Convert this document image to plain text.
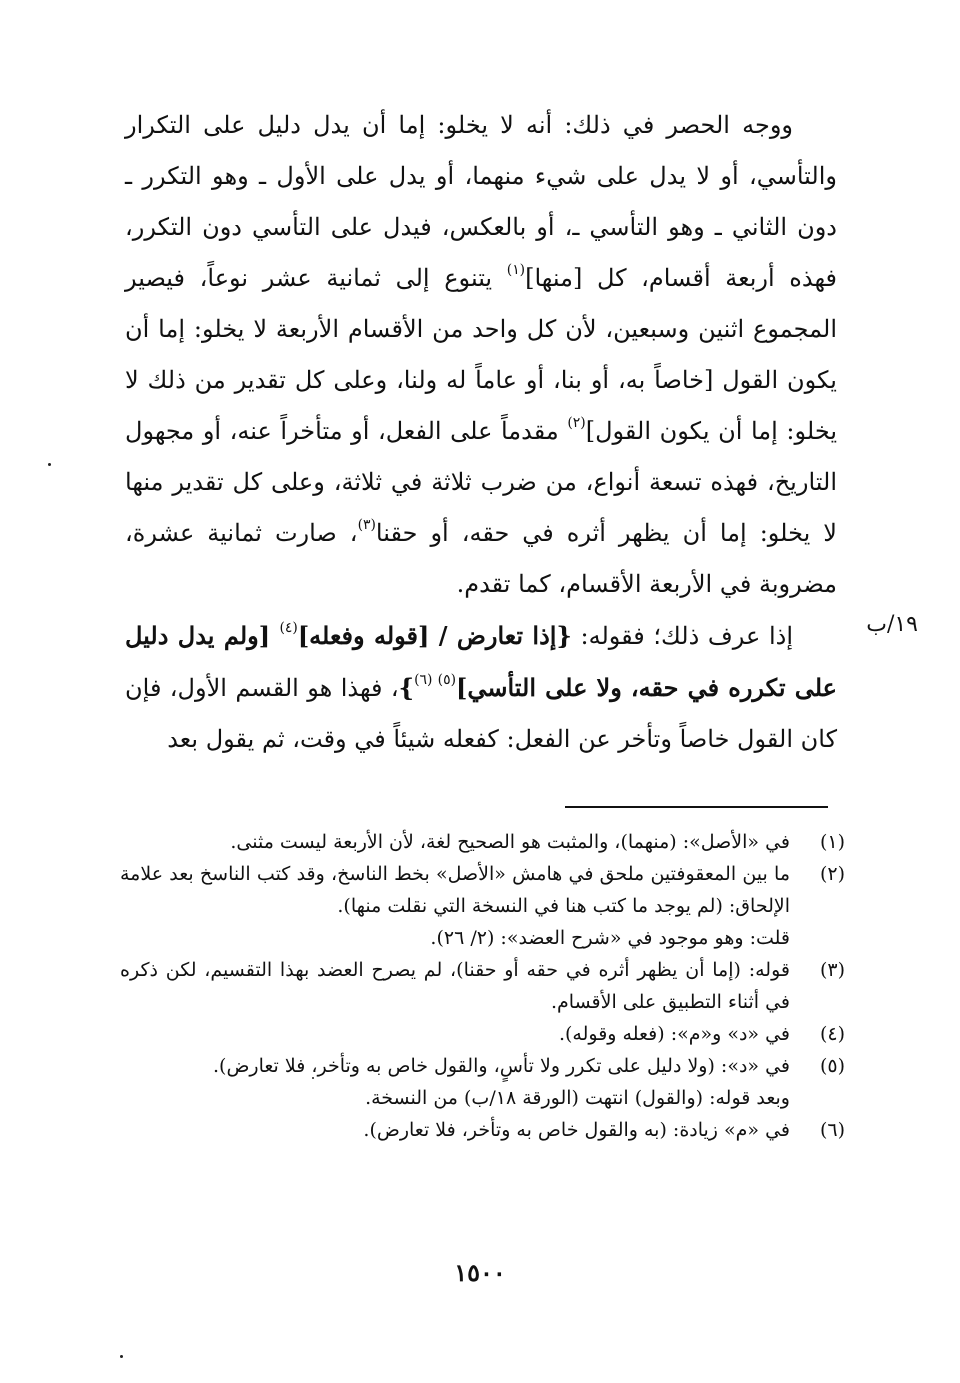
ووجه الحصر في ذلك: أنه لا يخلو: إما أن يدل دليل على التكرار والتأسي، أو لا يدل على شيء منهما، أو يدل على الأول ـ وهو التكرر ـ دون الثاني ـ وهو التأسي ـ، أو بالعكس، فيدل على التأسي دون التكرر، فهذه أربعة أقسام، كل [منها]$^{(١)}$ يتنوع إلى ثمانية عشر نوعاً، فيصير المجموع اثنين وسبعين، لأن كل واحد من الأقسام الأربعة لا يخلو: إما أن يكون القول [خاصاً به، أو بنا، أو عاماً له ولنا، وعلى كل تقدير من ذلك لا يخلو: إما أن يكون القول]$^{(٢)}$ مقدماً على الفعل، أو متأخراً عنه، أو مجهول التاريخ، فهذه تسعة أنواع، من ضرب ثلاثة في ثلاثة، وعلى كل تقدير منها لا يخلو: إما أن يظهر أثره في حقه، أو حقنا$^{(٣)}$، صارت ثمانية عشرة، مضروبة في الأربعة الأقسام، كما تقدم.

إذا عرف ذلك؛ فقوله: {إذا تعارض / [قوله وفعله]$^{(٤)}$ [ولم يدل دليل على تكرره في حقه، ولا على التأسي]$^{(٥)}$ $^{(٦)}$}، فهذا هو القسم الأول، فإن كان القول خاصاً وتأخر عن الفعل: كفعله شيئاً في وقت، ثم يقول بعد

١٩/ب
(١)
في «الأصل»: (منهما)، والمثبت هو الصحيح لغة، لأن الأربعة ليست مثنى.
(٢)
ما بين المعقوفتين ملحق في هامش «الأصل» بخط الناسخ، وقد كتب الناسخ بعد علامة الإلحاق: (لم يوجد ما كتب هنا في النسخة التي نقلت منها).
قلت: وهو موجود في «شرح العضد»: (٢/ ٢٦).
(٣)
قوله: (إما أن يظهر أثره في حقه أو حقنا)، لم يصرح العضد بهذا التقسيم، لكن ذكره في أثناء التطبيق على الأقسام.
(٤)
في «د» و«م»: (فعله وقوله).
(٥)
في «د»: (ولا دليل على تكرر ولا تأسٍ، والقول خاص به وتأخر، فلا تعارض).
وبعد قوله: (والقول) انتهت (الورقة ١٨/ب) من النسخة.
(٦)
في «م» زيادة: (به والقول خاص به وتأخر، فلا تعارض).
١٥٠٠
